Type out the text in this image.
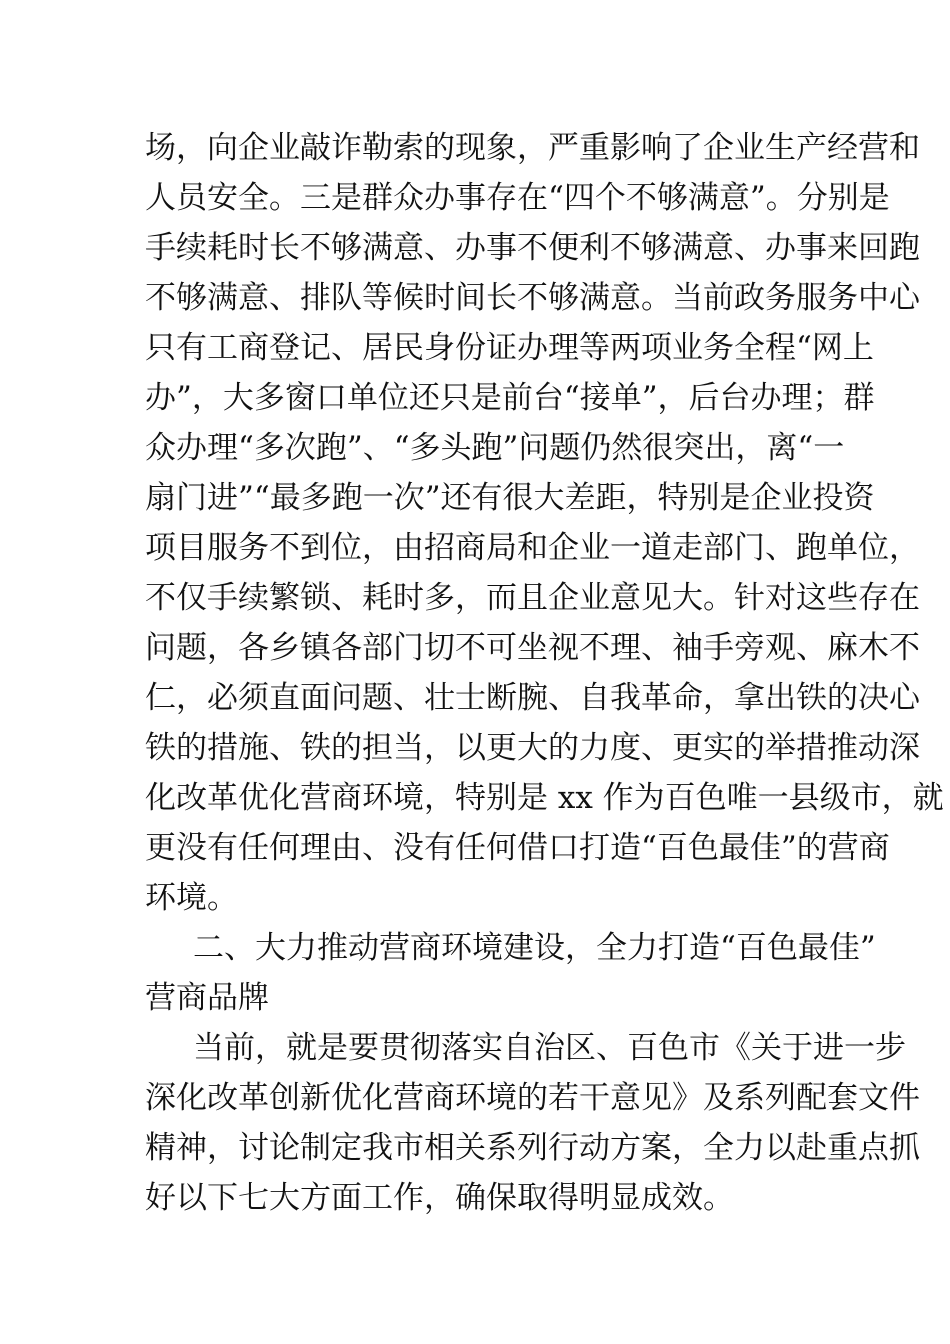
场，向企业敲诈勒索的现象，严重影响了企业生产经营和
人员安全。三是群众办事存在“四个不够满意”。分别是
手续耗时长不够满意、办事不便利不够满意、办事来回跑
不够满意、排队等候时间长不够满意。当前政务服务中心
只有工商登记、居民身份证办理等两项业务全程“网上
办”，大多窗口单位还只是前台“接单”，后台办理；群
众办理“多次跑”、“多头跑”问题仍然很突出，离“一
扇门进”“最多跑一次”还有很大差距，特别是企业投资
项目服务不到位，由招商局和企业一道走部门、跑单位，
不仅手续繁锁、耗时多，而且企业意见大。针对这些存在
问题，各乡镇各部门切不可坐视不理、袖手旁观、麻木不
仁，必须直面问题、壮士断腕、自我革命，拿出铁的决心
铁的措施、铁的担当，以更大的力度、更实的举措推动深
化改革优化营商环境，特别是 xx 作为百色唯一县级市，就
更没有任何理由、没有任何借口打造“百色最佳”的营商
环境。
二、大力推动营商环境建设，全力打造“百色最佳”
营商品牌
当前，就是要贯彻落实自治区、百色市《关于进一步
深化改革创新优化营商环境的若干意见》及系列配套文件
精神，讨论制定我市相关系列行动方案，全力以赴重点抓
好以下七大方面工作，确保取得明显成效。
